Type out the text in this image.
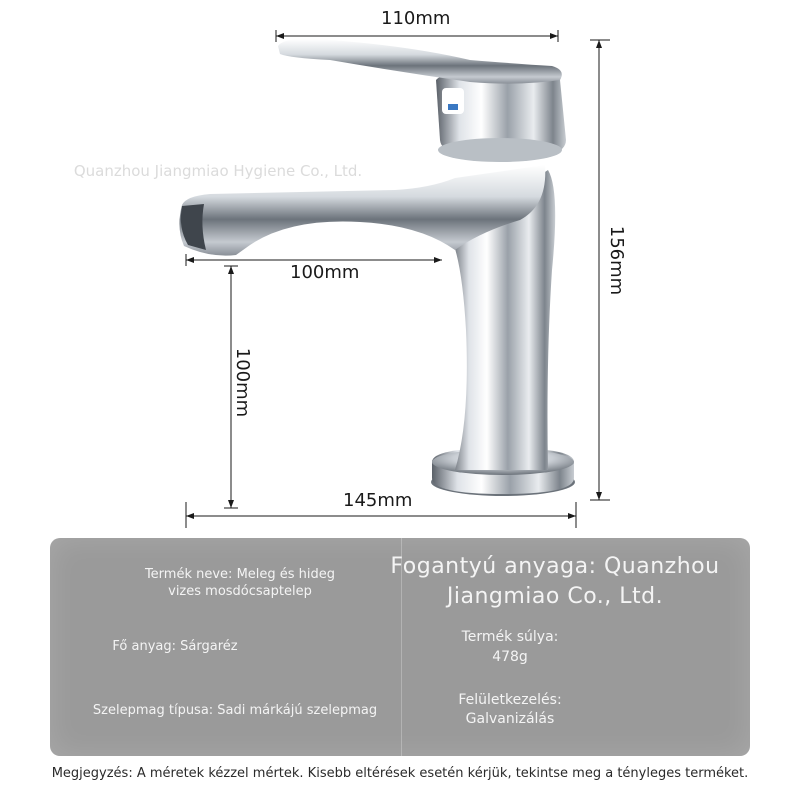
Quanzhou Jiangmiao Hygiene Co., Ltd.
110mm
156mm
100mm
100mm
145mm
Termék neve: Meleg és hideg vizes mosdócsaptelep
Fogantyú anyaga: Quanzhou Jiangmiao Co., Ltd.
Fő anyag: Sárgaréz
Termék súlya:
478g
Szelepmag típusa: Sadi márkájú szelepmag
Felületkezelés:
Galvanizálás
Megjegyzés: A méretek kézzel mértek. Kisebb eltérések esetén kérjük, tekintse meg a tényleges terméket.
